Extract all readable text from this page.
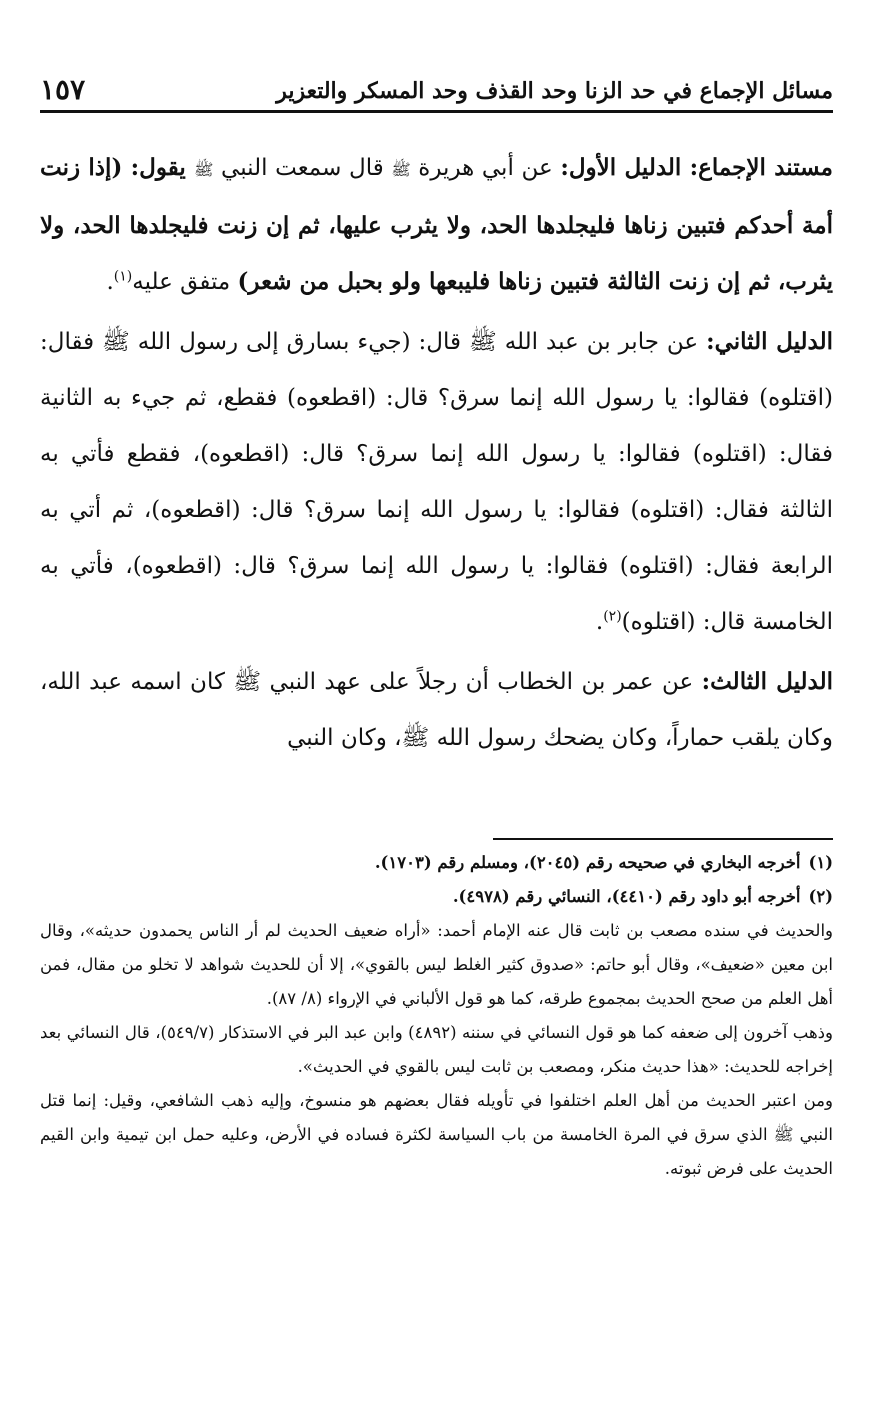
مسائل الإجماع في حد الزنا وحد القذف وحد المسكر والتعزير
١٥٧

مستند الإجماع: الدليل الأول: عن أبي هريرة ﷺ قال سمعت النبي ﷺ يقول: (إذا زنت أمة أحدكم فتبين زناها فليجلدها الحد، ولا يثرب عليها، ثم إن زنت فليجلدها الحد، ولا يثرب، ثم إن زنت الثالثة فتبين زناها فليبعها ولو بحبل من شعر) متفق عليه$^{(١)}$.

الدليل الثاني: عن جابر بن عبد الله ﷺ قال: (جيء بسارق إلى رسول الله ﷺ فقال: (اقتلوه) فقالوا: يا رسول الله إنما سرق؟ قال: (اقطعوه) فقطع، ثم جيء به الثانية فقال: (اقتلوه) فقالوا: يا رسول الله إنما سرق؟ قال: (اقطعوه)، فقطع فأتي به الثالثة فقال: (اقتلوه) فقالوا: يا رسول الله إنما سرق؟ قال: (اقطعوه)، ثم أتي به الرابعة فقال: (اقتلوه) فقالوا: يا رسول الله إنما سرق؟ قال: (اقطعوه)، فأتي به الخامسة قال: (اقتلوه)$^{(٢)}$.

الدليل الثالث: عن عمر بن الخطاب أن رجلاً على عهد النبي ﷺ كان اسمه عبد الله، وكان يلقب حماراً، وكان يضحك رسول الله ﷺ، وكان النبي

(١)أخرجه البخاري في صحيحه رقم (٢٠٤٥)، ومسلم رقم (١٧٠٣).

(٢)أخرجه أبو داود رقم (٤٤١٠)، النسائي رقم (٤٩٧٨).

والحديث في سنده مصعب بن ثابت قال عنه الإمام أحمد: «أراه ضعيف الحديث لم أر الناس يحمدون حديثه»، وقال ابن معين «ضعيف»، وقال أبو حاتم: «صدوق كثير الغلط ليس بالقوي»، إلا أن للحديث شواهد لا تخلو من مقال، فمن أهل العلم من صحح الحديث بمجموع طرقه، كما هو قول الألباني في الإرواء (٨/ ٨٧).

وذهب آخرون إلى ضعفه كما هو قول النسائي في سننه (٤٨٩٢) وابن عبد البر في الاستذكار (٥٤٩/٧)، قال النسائي بعد إخراجه للحديث: «هذا حديث منكر، ومصعب بن ثابت ليس بالقوي في الحديث».

ومن اعتبر الحديث من أهل العلم اختلفوا في تأويله فقال بعضهم هو منسوخ، وإليه ذهب الشافعي، وقيل: إنما قتل النبي ﷺ الذي سرق في المرة الخامسة من باب السياسة لكثرة فساده في الأرض، وعليه حمل ابن تيمية وابن القيم الحديث على فرض ثبوته.
